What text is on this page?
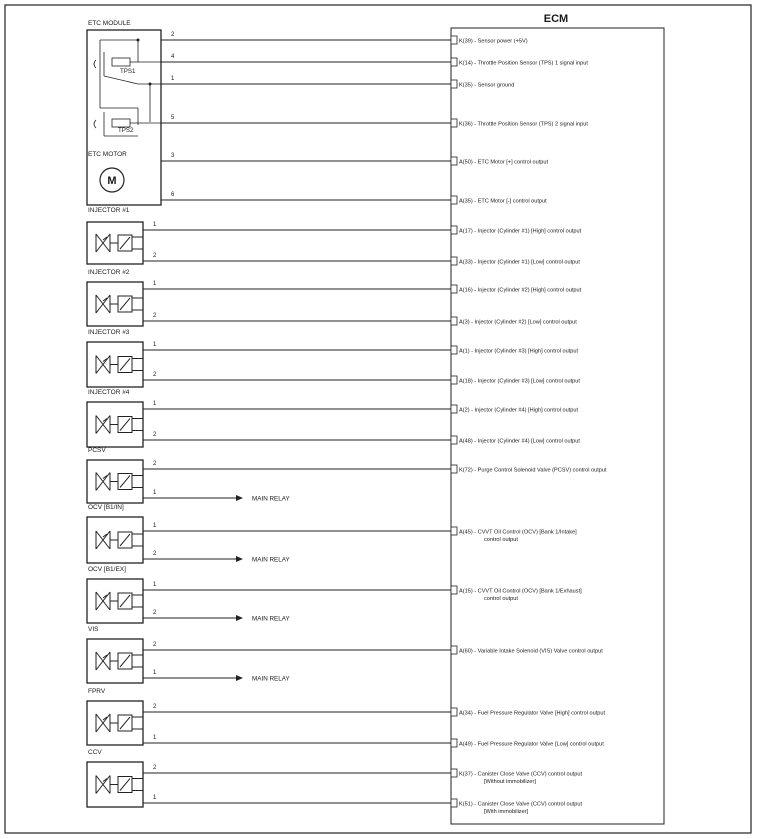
ECM
ETC MODULE
ETC MOTOR
TPS1
TPS2
M
INJECTOR #1
INJECTOR #2
INJECTOR #3
INJECTOR #4
PCSV
OCV [B1/IN]
OCV [B1/EX]
VIS
FPRV
CCV
2
K(39) - Sensor power (+5V)
4
K(14) - Throttle Position Sensor (TPS) 1 signal input
1
K(35) - Sensor ground
5
K(36) - Throttle Position Sensor (TPS) 2 signal input
3
A(50) - ETC Motor [+] control output
6
A(35) - ETC Motor [-] control output
1
A(17) - Injector (Cylinder #1) [High] control output
2
A(33) - Injector (Cylinder #1) [Low] control output
1
A(16) - Injector (Cylinder #2) [High] control output
2
A(3) - Injector (Cylinder #2) [Low] control output
1
A(1) - Injector (Cylinder #3) [High] control output
2
A(18) - Injector (Cylinder #3) [Low] control output
1
A(2) - Injector (Cylinder #4) [High] control output
2
A(48) - Injector (Cylinder #4) [Low] control output
2
K(72) - Purge Control Solenoid Valve (PCSV) control output
1
MAIN RELAY
1
A(45) - CVVT Oil Control (OCV) [Bank 1/Intake]
control output
2
MAIN RELAY
1
A(15) - CVVT Oil Control (OCV) [Bank 1/Exhaust]
control output
2
MAIN RELAY
2
A(60) - Variable Intake Solenoid (VIS) Valve control output
1
MAIN RELAY
2
A(34) - Fuel Pressure Regulator Valve [High] control output
1
A(49) - Fuel Pressure Regulator Valve [Low] control output
2
K(37) - Canister Close Valve (CCV) control output
[Without immobilizer]
1
K(51) - Canister Close Valve (CCV) control output
[With immobilizer]
